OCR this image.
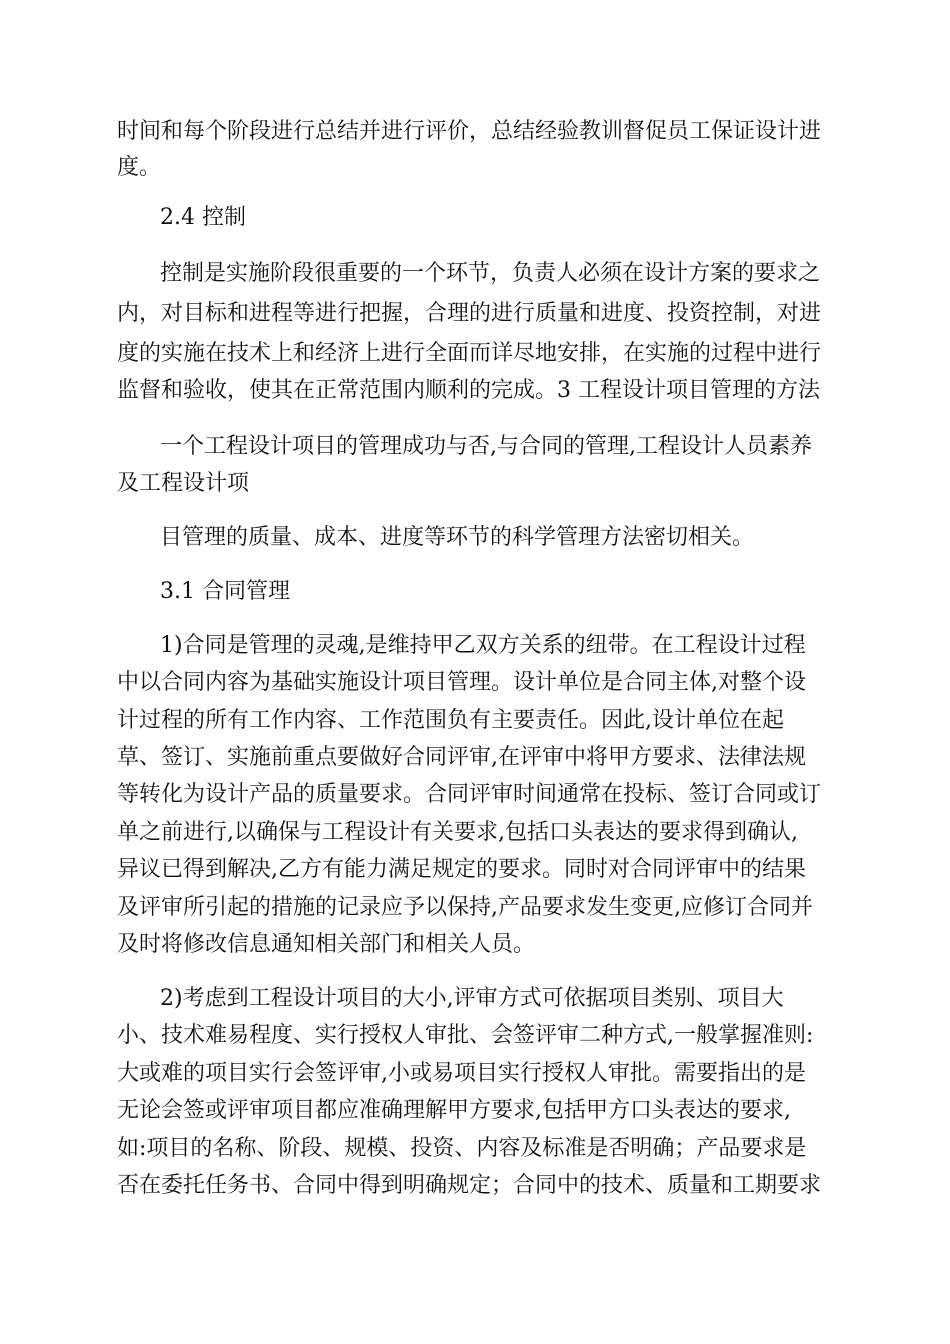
时间和每个阶段进行总结并进行评价，总结经验教训督促员工保证设计进
度。
2.4 控制
控制是实施阶段很重要的一个环节，负责人必须在设计方案的要求之
内，对目标和进程等进行把握，合理的进行质量和进度、投资控制，对进
度的实施在技术上和经济上进行全面而详尽地安排，在实施的过程中进行
监督和验收，使其在正常范围内顺利的完成。3 工程设计项目管理的方法
一个工程设计项目的管理成功与否,与合同的管理,工程设计人员素养
及工程设计项
目管理的质量、成本、进度等环节的科学管理方法密切相关。
3.1 合同管理
1)合同是管理的灵魂,是维持甲乙双方关系的纽带。在工程设计过程
中以合同内容为基础实施设计项目管理。设计单位是合同主体,对整个设
计过程的所有工作内容、工作范围负有主要责任。因此,设计单位在起
草、签订、实施前重点要做好合同评审,在评审中将甲方要求、法律法规
等转化为设计产品的质量要求。合同评审时间通常在投标、签订合同或订
单之前进行,以确保与工程设计有关要求,包括口头表达的要求得到确认,
异议已得到解决,乙方有能力满足规定的要求。同时对合同评审中的结果
及评审所引起的措施的记录应予以保持,产品要求发生变更,应修订合同并
及时将修改信息通知相关部门和相关人员。
2)考虑到工程设计项目的大小,评审方式可依据项目类别、项目大
小、技术难易程度、实行授权人审批、会签评审二种方式,一般掌握准则:
大或难的项目实行会签评审,小或易项目实行授权人审批。需要指出的是
无论会签或评审项目都应准确理解甲方要求,包括甲方口头表达的要求,
如:项目的名称、阶段、规模、投资、内容及标准是否明确；产品要求是
否在委托任务书、合同中得到明确规定；合同中的技术、质量和工期要求
